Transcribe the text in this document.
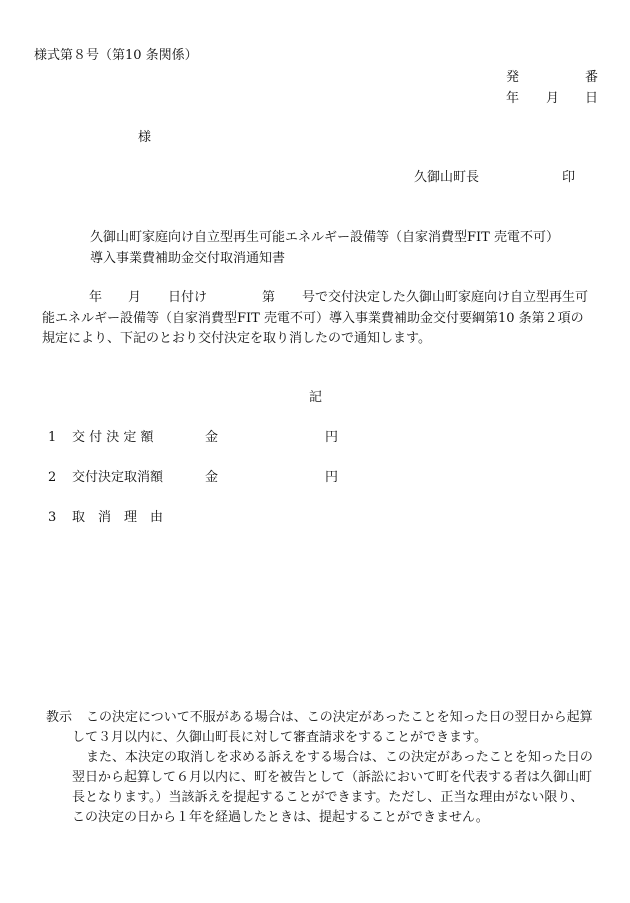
様式第８号（第10 条関係）
発	番
年 月 日
様
久御山町長	印
久御山町家庭向け自立型再生可能エネルギー設備等（自家消費型FIT 売電不可）
導入事業費補助金交付取消通知書
年 月 日付け	第 号で交付決定した久御山町家庭向け自立型再生可
能エネルギー設備等（自家消費型FIT 売電不可）導入事業費補助金交付要綱第10 条第２項の
規定により、下記のとおり交付決定を取り消したので通知します。
記
1 交 付 決 定 額	金	円
2 交付決定取消額	金	円
3 取　消　理　由
教示 この決定について不服がある場合は、この決定があったことを知った日の翌日から起算
して３月以内に、久御山町長に対して審査請求をすることができます。
また、本決定の取消しを求める訴えをする場合は、この決定があったことを知った日の
翌日から起算して６月以内に、町を被告として（訴訟において町を代表する者は久御山町
長となります。）当該訴えを提起することができます。ただし、正当な理由がない限り、
この決定の日から１年を経過したときは、提起することができません。
